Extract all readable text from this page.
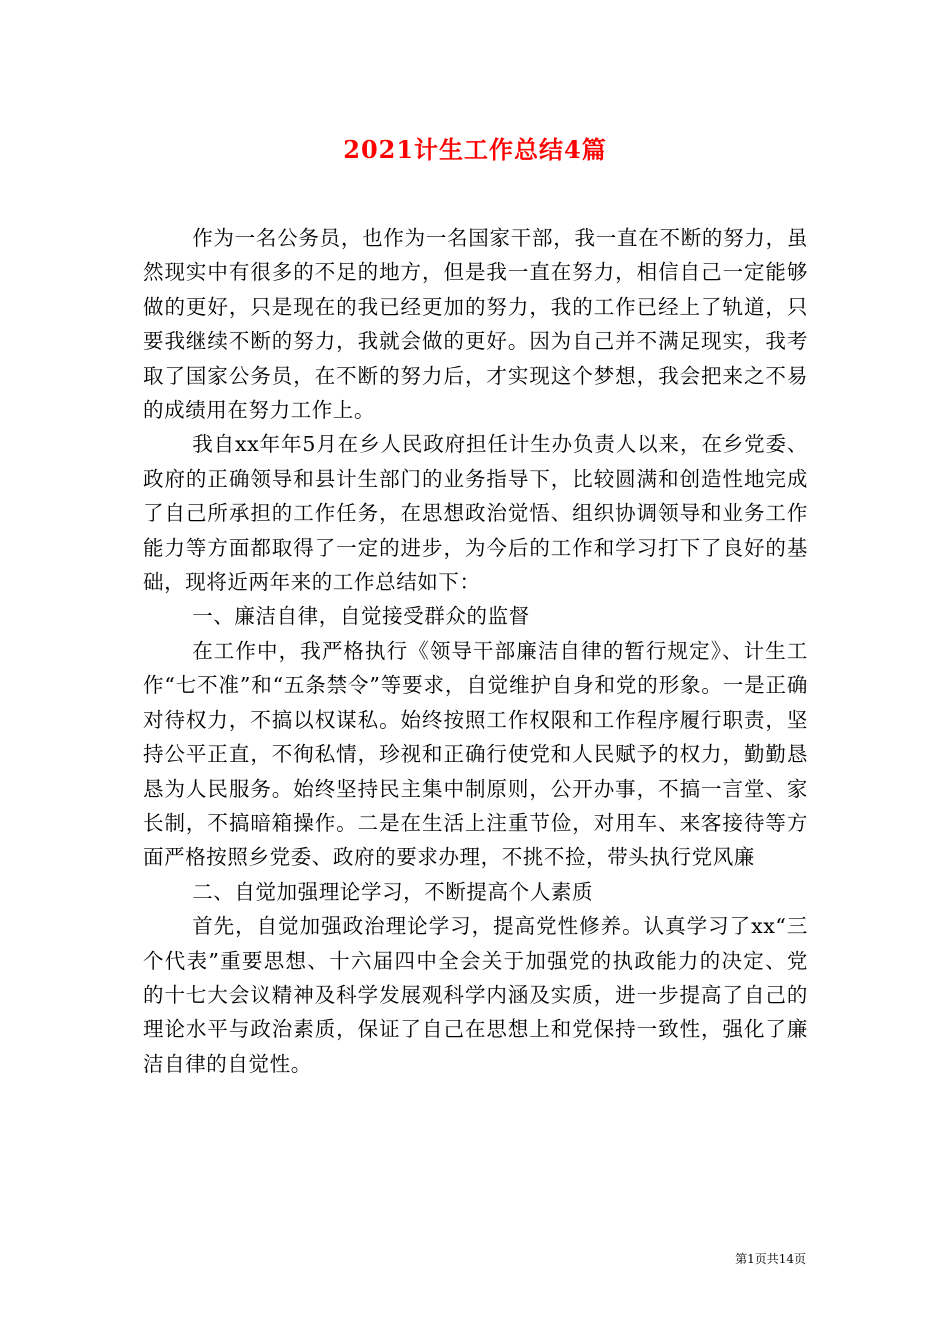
2021计生工作总结4篇

作为一名公务员，也作为一名国家干部，我一直在不断的努力，虽然现实中有很多的不足的地方，但是我一直在努力，相信自己一定能够做的更好，只是现在的我已经更加的努力，我的工作已经上了轨道，只要我继续不断的努力，我就会做的更好。因为自己并不满足现实，我考取了国家公务员，在不断的努力后，才实现这个梦想，我会把来之不易的成绩用在努力工作上。

我自xx年年5月在乡人民政府担任计生办负责人以来，在乡党委、政府的正确领导和县计生部门的业务指导下，比较圆满和创造性地完成了自己所承担的工作任务，在思想政治觉悟、组织协调领导和业务工作能力等方面都取得了一定的进步，为今后的工作和学习打下了良好的基础，现将近两年来的工作总结如下：

一、廉洁自律，自觉接受群众的监督

在工作中，我严格执行《领导干部廉洁自律的暂行规定》、计生工作“七不准”和“五条禁令”等要求，自觉维护自身和党的形象。一是正确对待权力，不搞以权谋私。始终按照工作权限和工作程序履行职责，坚持公平正直，不徇私情，珍视和正确行使党和人民赋予的权力，勤勤恳恳为人民服务。始终坚持民主集中制原则，公开办事，不搞一言堂、家长制，不搞暗箱操作。二是在生活上注重节俭，对用车、来客接待等方面严格按照乡党委、政府的要求办理，不挑不捡，带头执行党风廉

二、自觉加强理论学习，不断提高个人素质

首先，自觉加强政治理论学习，提高党性修养。认真学习了xx“三个代表”重要思想、十六届四中全会关于加强党的执政能力的决定、党的十七大会议精神及科学发展观科学内涵及实质，进一步提高了自己的理论水平与政治素质，保证了自己在思想上和党保持一致性，强化了廉洁自律的自觉性。

第1页共14页
